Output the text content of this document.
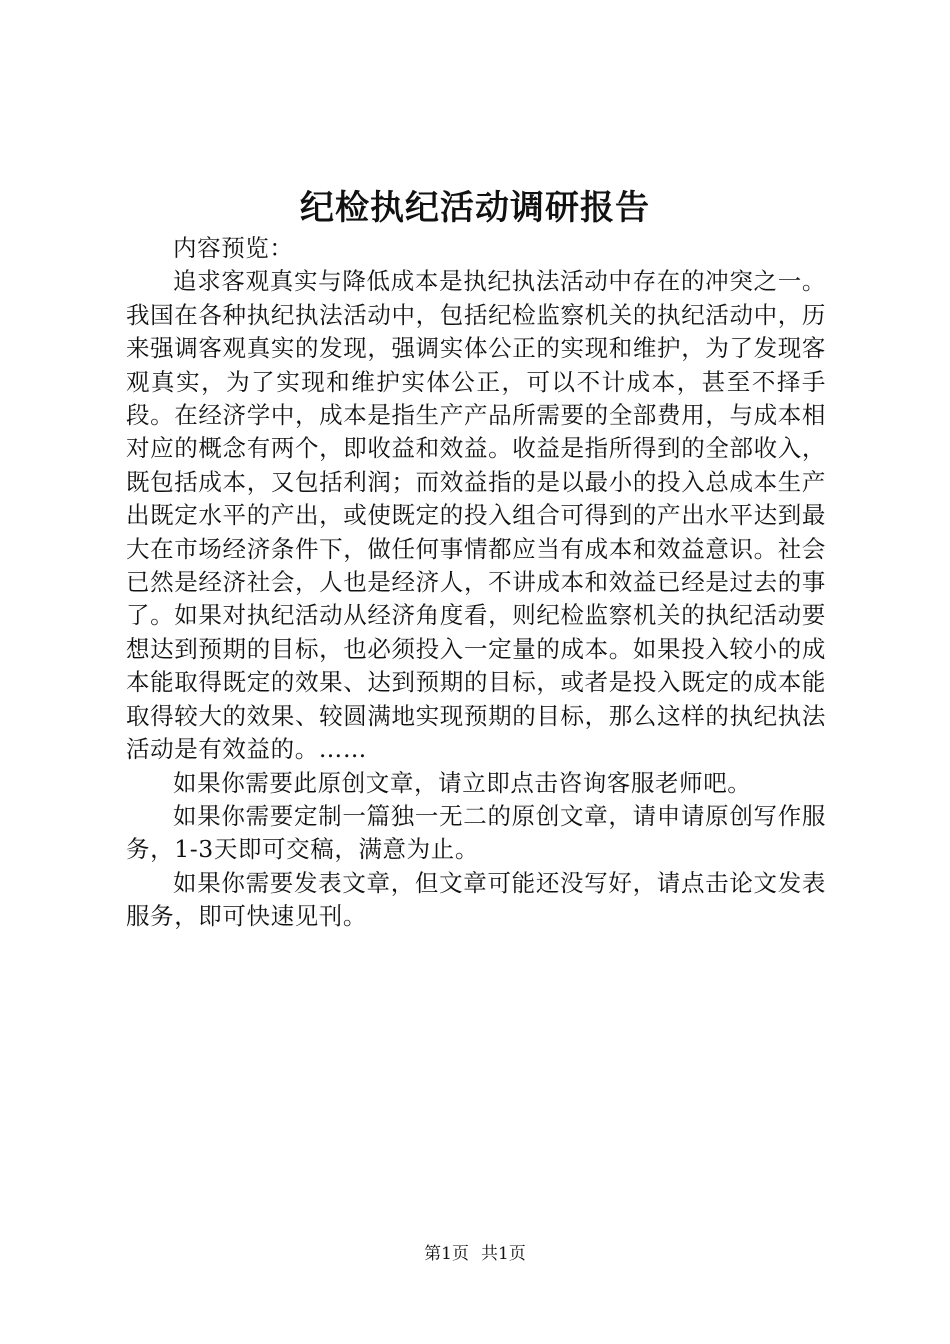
纪检执纪活动调研报告

内容预览：

追求客观真实与降低成本是执纪执法活动中存在的冲突之一。我国在各种执纪执法活动中，包括纪检监察机关的执纪活动中，历来强调客观真实的发现，强调实体公正的实现和维护，为了发现客观真实，为了实现和维护实体公正，可以不计成本，甚至不择手段。在经济学中，成本是指生产产品所需要的全部费用，与成本相对应的概念有两个，即收益和效益。收益是指所得到的全部收入，既包括成本，又包括利润；而效益指的是以最小的投入总成本生产出既定水平的产出，或使既定的投入组合可得到的产出水平达到最大在市场经济条件下，做任何事情都应当有成本和效益意识。社会已然是经济社会，人也是经济人，不讲成本和效益已经是过去的事了。如果对执纪活动从经济角度看，则纪检监察机关的执纪活动要想达到预期的目标，也必须投入一定量的成本。如果投入较小的成本能取得既定的效果、达到预期的目标，或者是投入既定的成本能取得较大的效果、较圆满地实现预期的目标，那么这样的执纪执法活动是有效益的。……

如果你需要此原创文章，请立即点击咨询客服老师吧。

如果你需要定制一篇独一无二的原创文章，请申请原创写作服务，1-3天即可交稿，满意为止。

如果你需要发表文章，但文章可能还没写好，请点击论文发表服务，即可快速见刊。

第1页 共1页
